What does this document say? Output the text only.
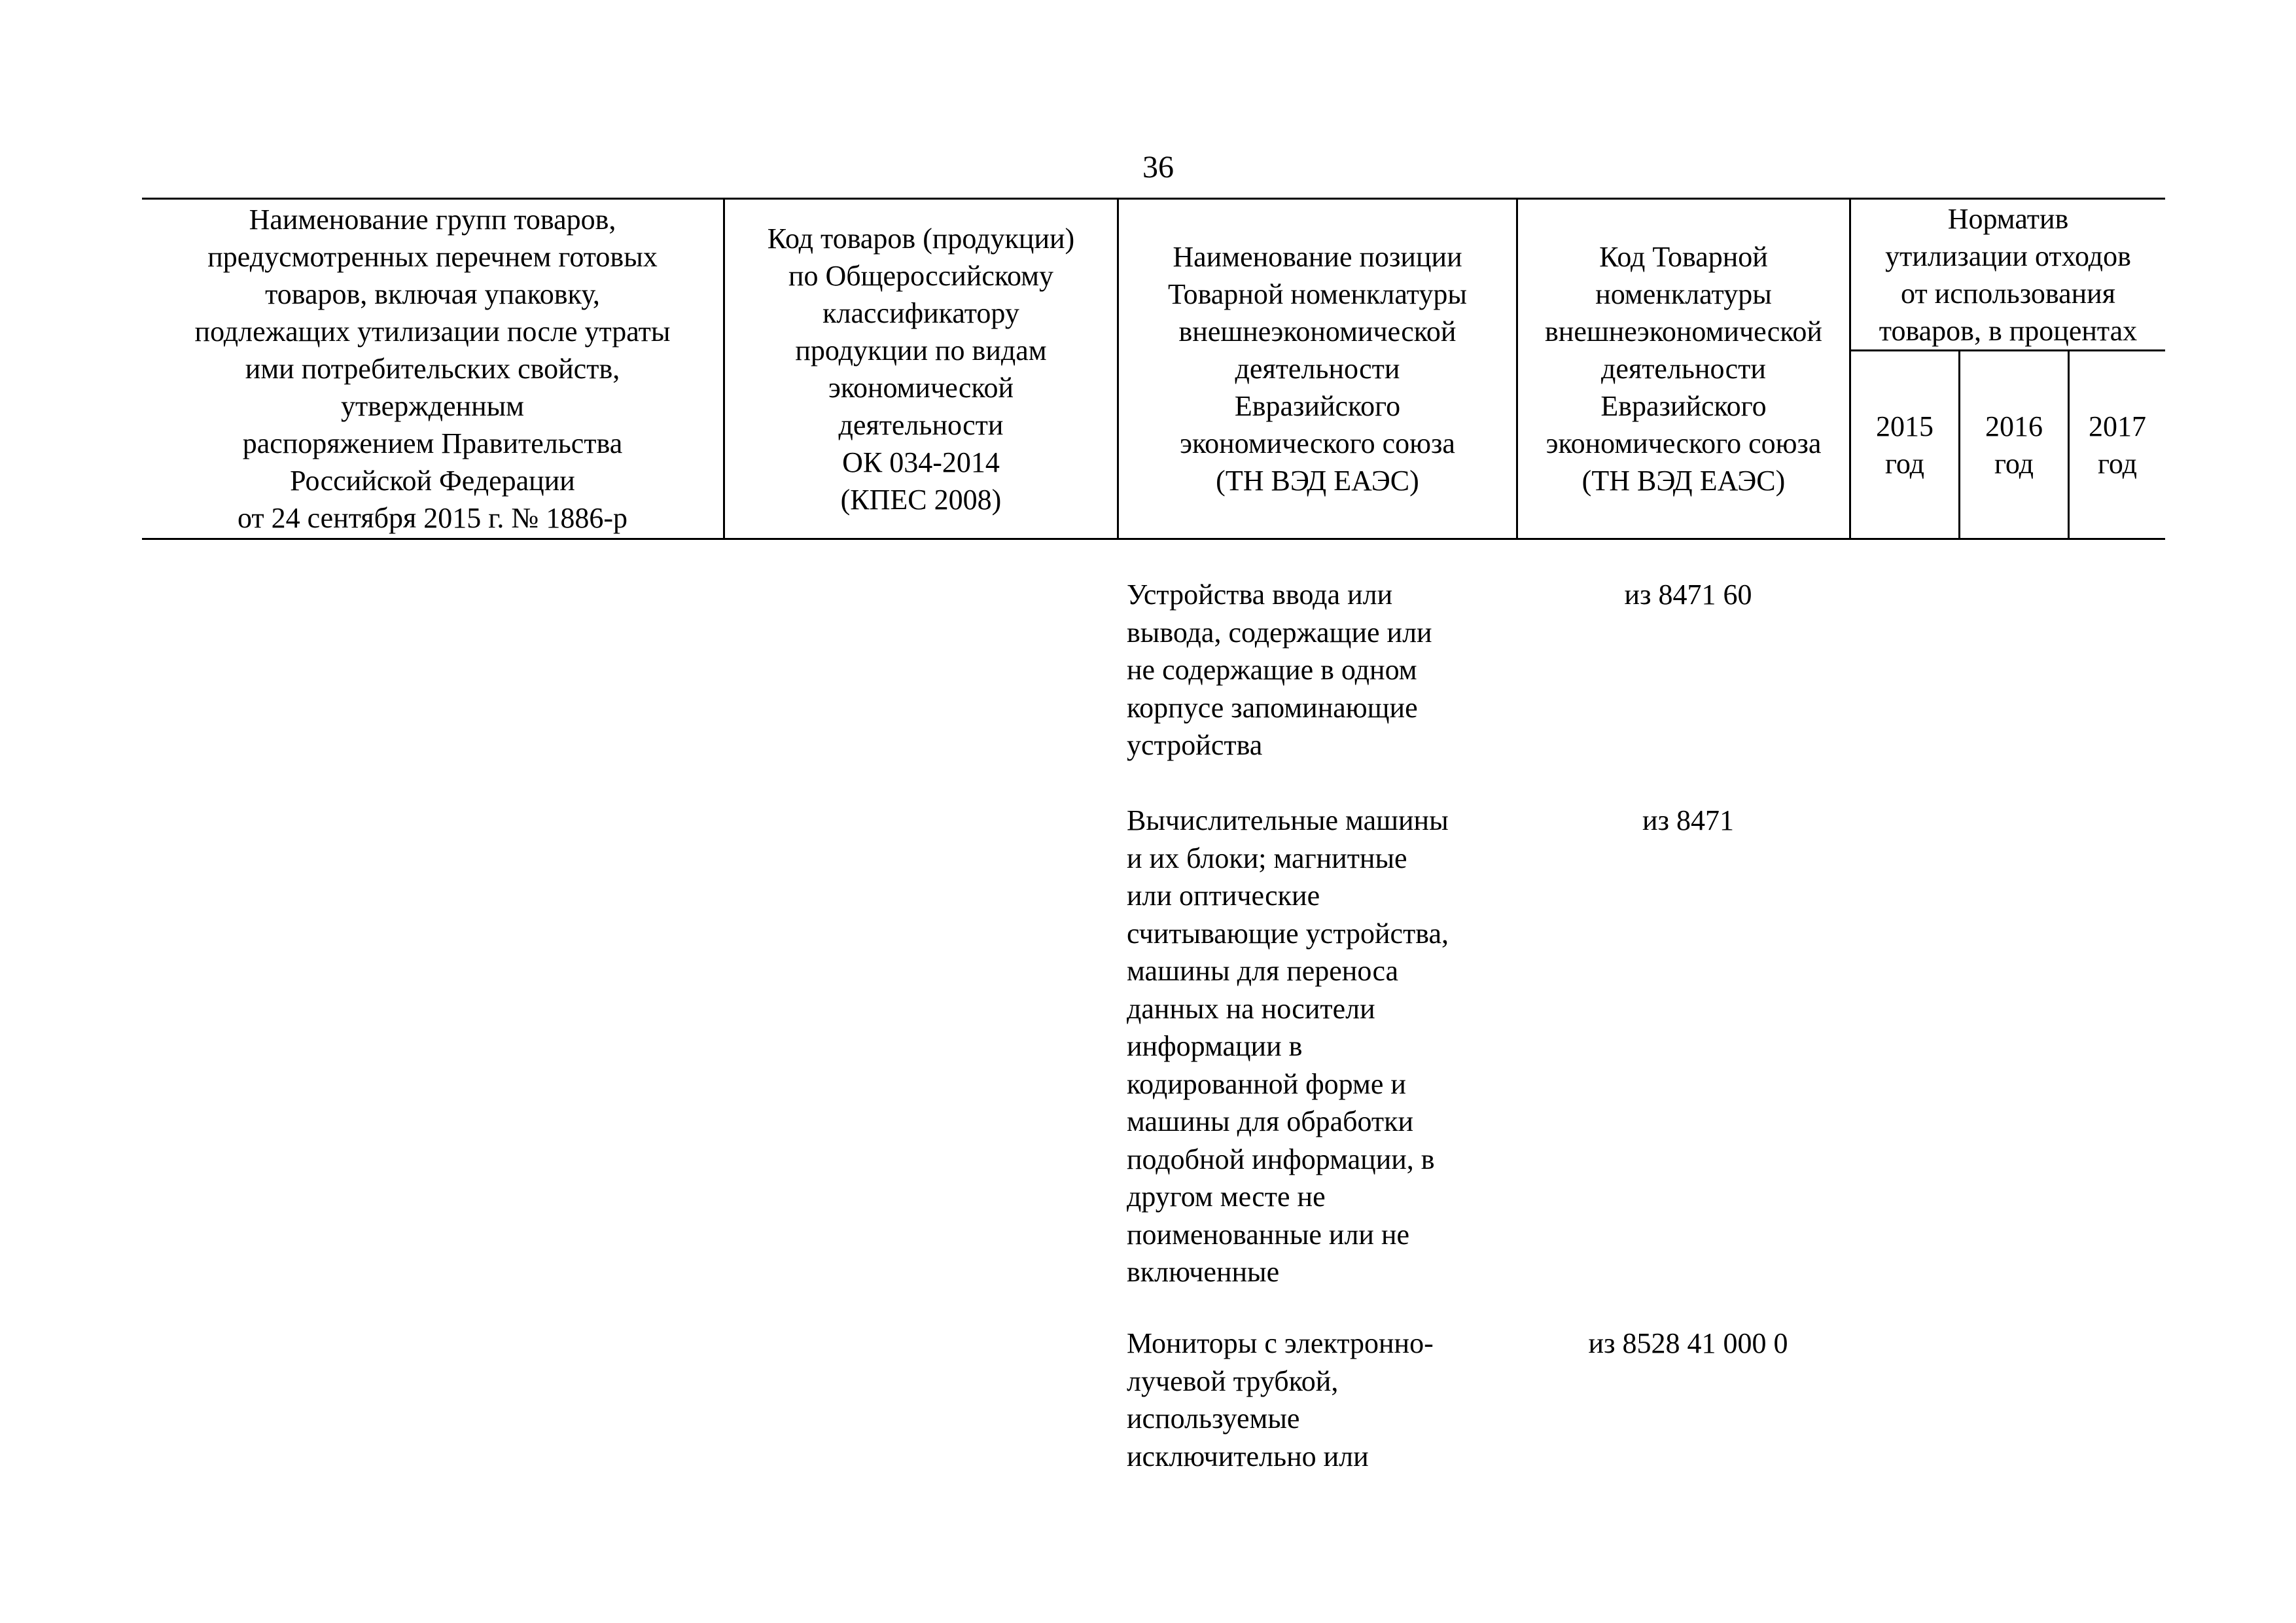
36
Наименование групп товаров,
предусмотренных перечнем готовых
товаров, включая упаковку,
подлежащих утилизации после утраты
ими потребительских свойств,
утвержденным
распоряжением Правительства
Российской Федерации
от 24 сентября 2015 г. № 1886-р
Код товаров (продукции)
по Общероссийскому
классификатору
продукции по видам
экономической
деятельности
ОК 034-2014
(КПЕС 2008)
Наименование позиции
Товарной номенклатуры
внешнеэкономической
деятельности
Евразийского
экономического союза
(ТН ВЭД ЕАЭС)
Код Товарной
номенклатуры
внешнеэкономической
деятельности
Евразийского
экономического союза
(ТН ВЭД ЕАЭС)
Норматив
утилизации отходов
от использования
товаров, в процентах
2015
год
2016
год
2017
год
Устройства ввода или
вывода, содержащие или
не содержащие в одном
корпусе запоминающие
устройства
из 8471 60
Вычислительные машины
и их блоки; магнитные
или оптические
считывающие устройства,
машины для переноса
данных на носители
информации в
кодированной форме и
машины для обработки
подобной информации, в
другом месте не
поименованные или не
включенные
из 8471
Мониторы с электронно-
лучевой трубкой,
используемые
исключительно или
из 8528 41 000 0
